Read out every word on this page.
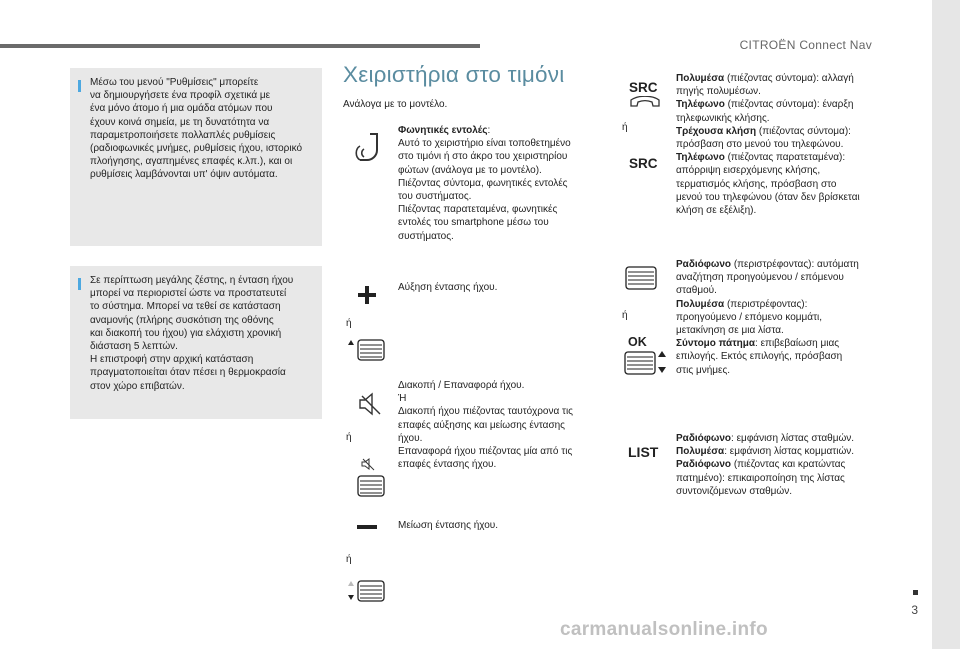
CITROËN Connect Nav
Μέσω του μενού "Ρυθμίσεις" μπορείτε
να δημιουργήσετε ένα προφίλ σχετικά με
ένα μόνο άτομο ή μια ομάδα ατόμων που
έχουν κοινά σημεία, με τη δυνατότητα να
παραμετροποιήσετε πολλαπλές ρυθμίσεις
(ραδιοφωνικές μνήμες, ρυθμίσεις ήχου, ιστορικό
πλοήγησης, αγαπημένες επαφές κ.λπ.), και οι
ρυθμίσεις λαμβάνονται υπ' όψιν αυτόματα.
Σε περίπτωση μεγάλης ζέστης, η ένταση ήχου
μπορεί να περιοριστεί ώστε να προστατευτεί
το σύστημα. Μπορεί να τεθεί σε κατάσταση
αναμονής (πλήρης συσκότιση της οθόνης
και διακοπή του ήχου) για ελάχιστη χρονική
διάσταση 5 λεπτών.
Η επιστροφή στην αρχική κατάσταση
πραγματοποιείται όταν πέσει η θερμοκρασία
στον χώρο επιβατών.
Χειριστήρια στο τιμόνι
Ανάλογα με το μοντέλο.
Φωνητικές εντολές:
Αυτό το χειριστήριο είναι τοποθετημένο
στο τιμόνι ή στο άκρο του χειριστηρίου
φώτων (ανάλογα με το μοντέλο).
Πιέζοντας σύντομα, φωνητικές εντολές
του συστήματος.
Πιέζοντας παρατεταμένα, φωνητικές
εντολές του smartphone μέσω του
συστήματος.
ή
Αύξηση έντασης ήχου.
ή
Διακοπή / Επαναφορά ήχου.
Ή
Διακοπή ήχου πιέζοντας ταυτόχρονα τις
επαφές αύξησης και μείωσης έντασης
ήχου.
Επαναφορά ήχου πιέζοντας μία από τις
επαφές έντασης ήχου.
ή
Μείωση έντασης ήχου.
SRC
ή
SRC
Πολυμέσα (πιέζοντας σύντομα): αλλαγή
πηγής πολυμέσων.
Τηλέφωνο (πιέζοντας σύντομα): έναρξη
τηλεφωνικής κλήσης.
Τρέχουσα κλήση (πιέζοντας σύντομα):
πρόσβαση στο μενού του τηλεφώνου.
Τηλέφωνο (πιέζοντας παρατεταμένα):
απόρριψη εισερχόμενης κλήσης,
τερματισμός κλήσης, πρόσβαση στο
μενού του τηλεφώνου (όταν δεν βρίσκεται
κλήση σε εξέλιξη).
ή
OK
Ραδιόφωνο (περιστρέφοντας): αυτόματη
αναζήτηση προηγούμενου / επόμενου
σταθμού.
Πολυμέσα (περιστρέφοντας):
προηγούμενο / επόμενο κομμάτι,
μετακίνηση σε μια λίστα.
Σύντομο πάτημα: επιβεβαίωση μιας
επιλογής. Εκτός επιλογής, πρόσβαση
στις μνήμες.
LIST
Ραδιόφωνο: εμφάνιση λίστας σταθμών.
Πολυμέσα: εμφάνιση λίστας κομματιών.
Ραδιόφωνο (πιέζοντας και κρατώντας
πατημένο): επικαιροποίηση της λίστας
συντονιζόμενων σταθμών.
3
carmanualsonline.info
